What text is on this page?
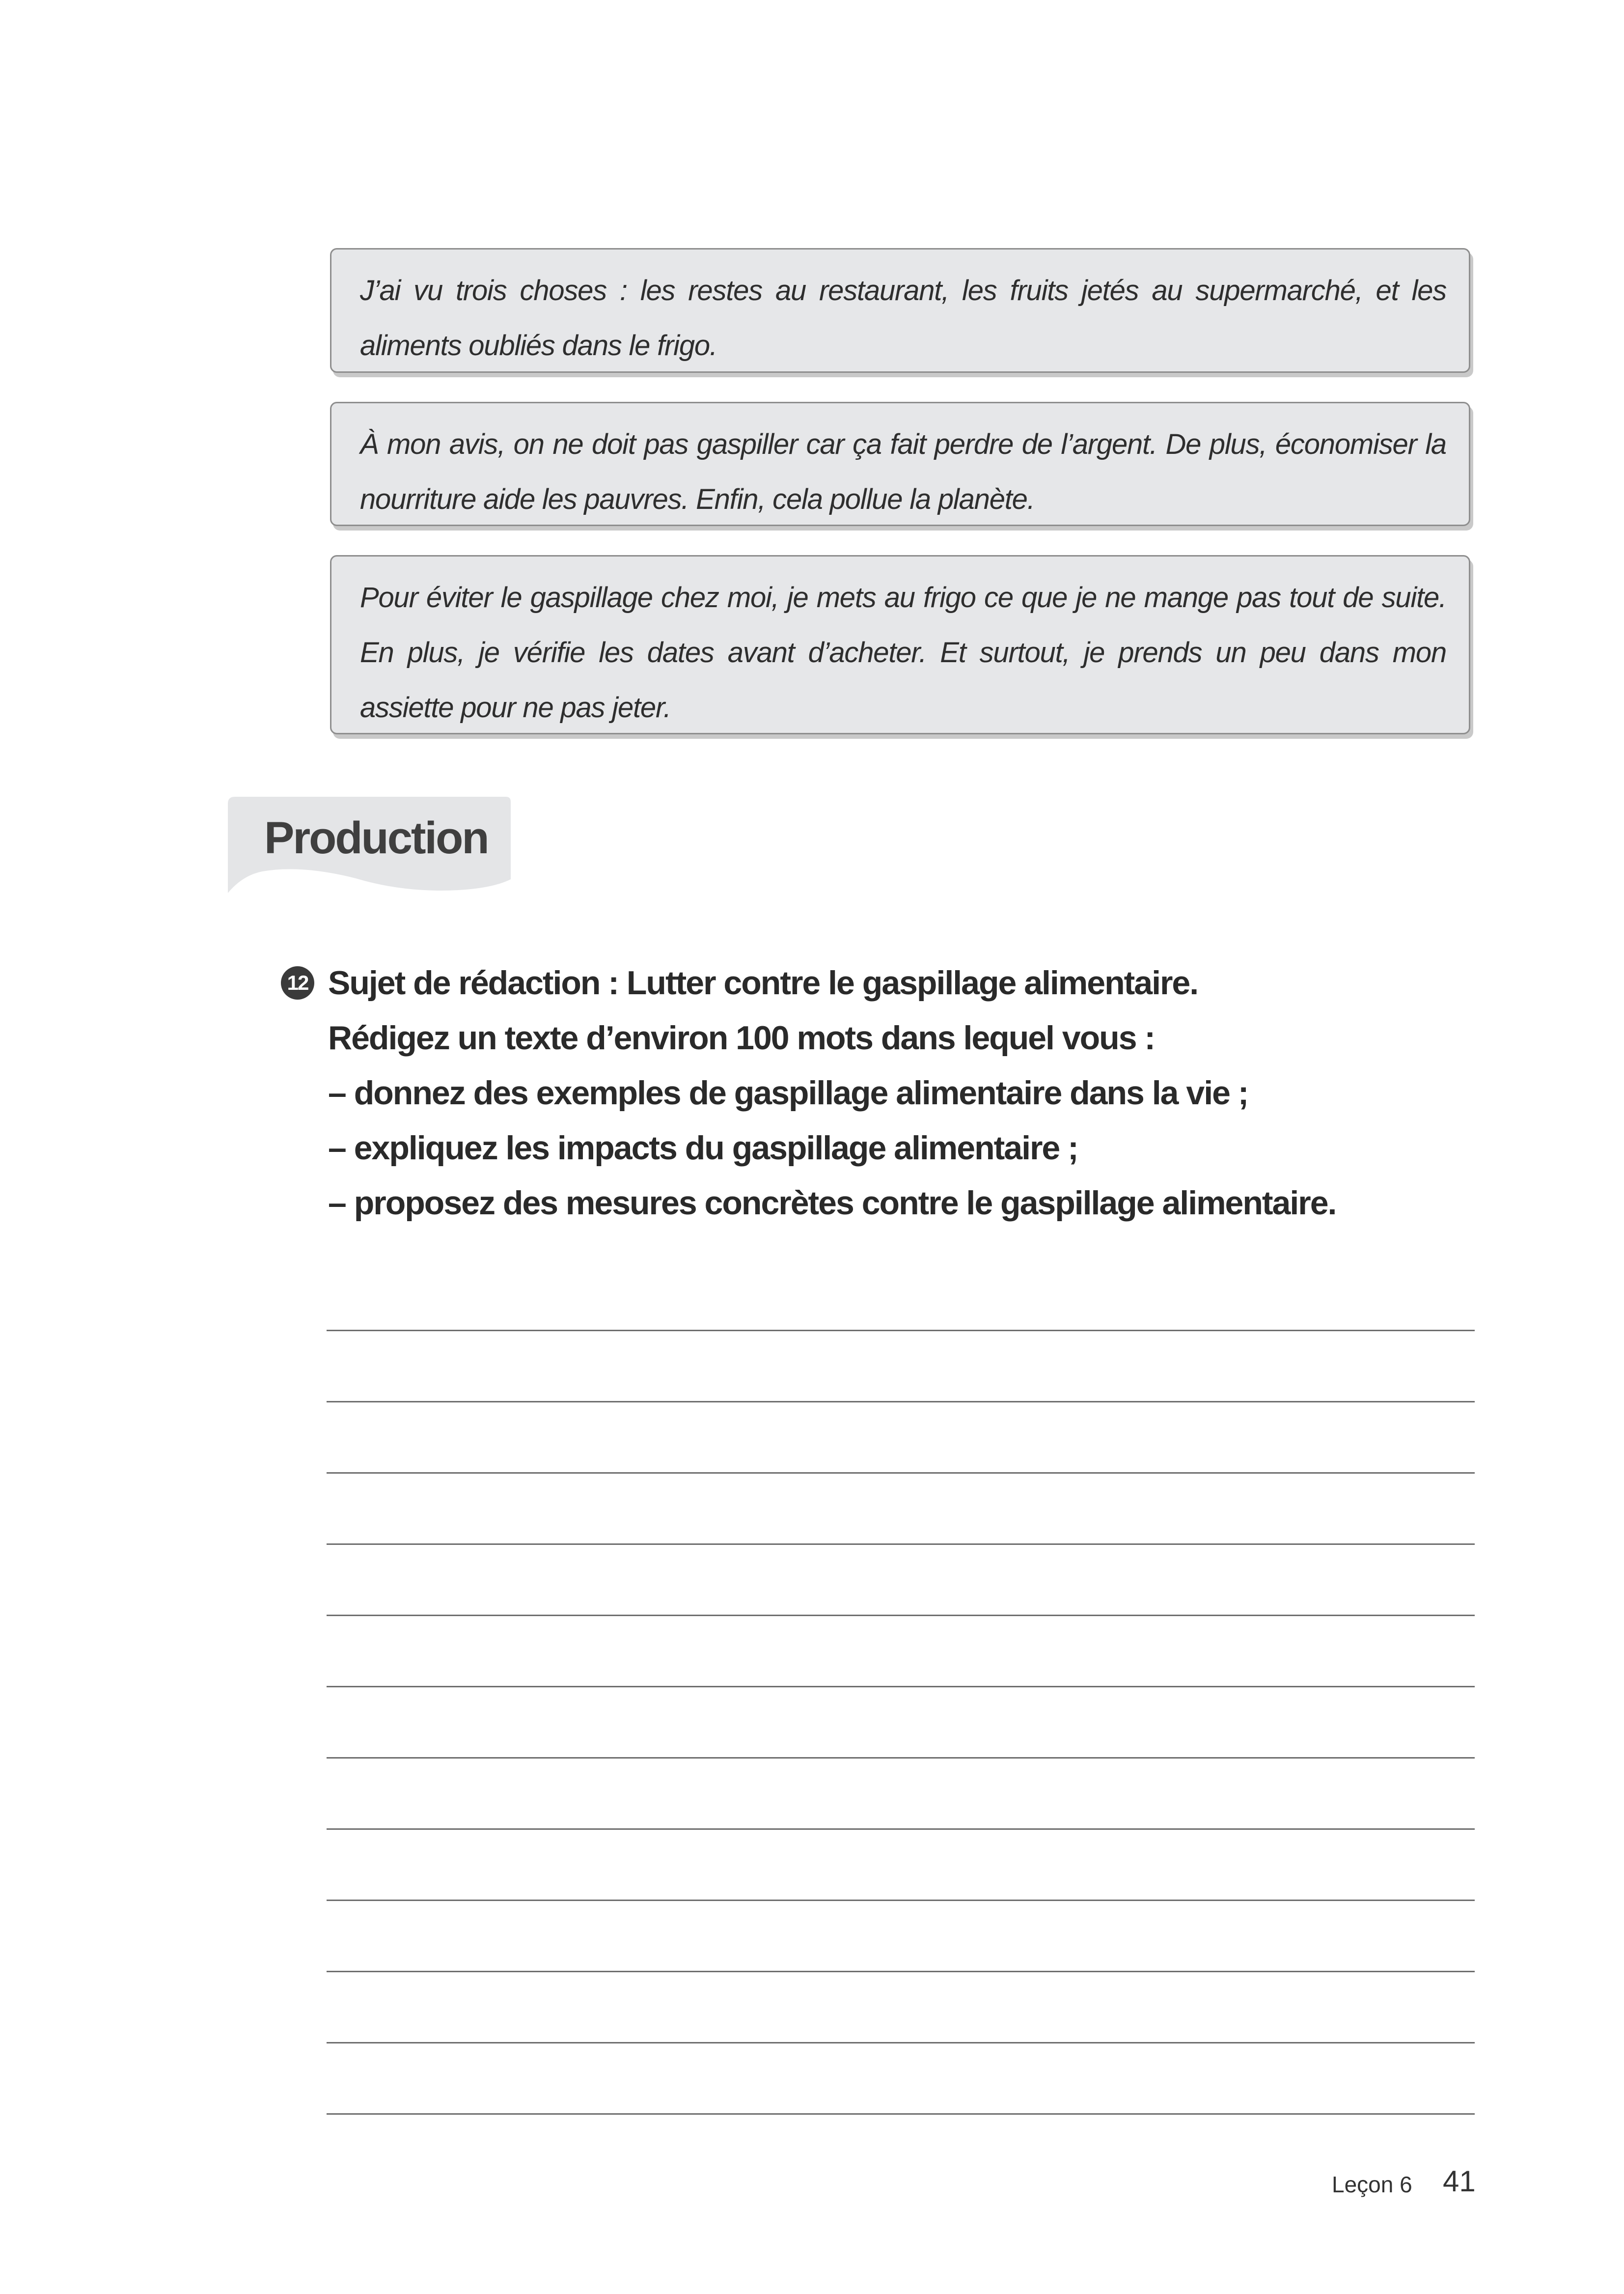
J’ai vu trois choses : les restes au restaurant, les fruits jetés au supermarché, et les aliments oubliés dans le frigo.
À mon avis, on ne doit pas gaspiller car ça fait perdre de l’argent. De plus, économiser la nourriture aide les pauvres. Enfin, cela pollue la planète.
Pour éviter le gaspillage chez moi, je mets au frigo ce que je ne mange pas tout de suite. En plus, je vérifie les dates avant d’acheter. Et surtout, je prends un peu dans mon assiette pour ne pas jeter.
Production
12 Sujet de rédaction : Lutter contre le gaspillage alimentaire.
Rédigez un texte d’environ 100 mots dans lequel vous :
– donnez des exemples de gaspillage alimentaire dans la vie ;
– expliquez les impacts du gaspillage alimentaire ;
– proposez des mesures concrètes contre le gaspillage alimentaire.
Leçon 6 41
